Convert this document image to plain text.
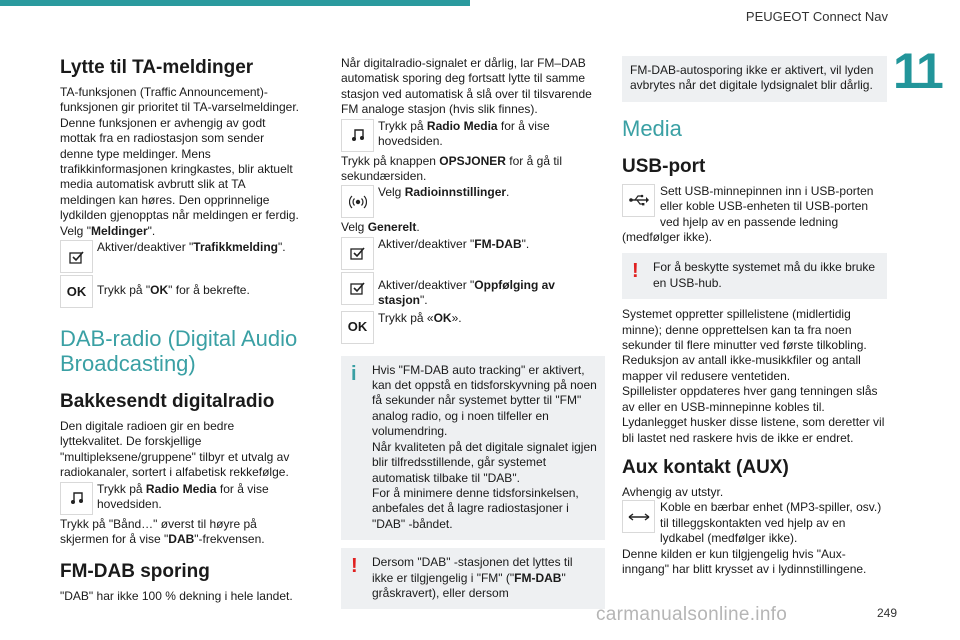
PEUGEOT Connect Nav
11
Lytte til TA-meldinger

TA-funksjonen (Traffic Announcement)-funksjonen gir prioritet til TA-varselmeldinger. Denne funksjonen er avhengig av godt mottak fra en radiostasjon som sender denne type meldinger. Mens trafikkinformasjonen kringkastes, blir aktuelt media automatisk avbrutt slik at TA meldingen kan høres. Den opprinnelige lydkilden gjenopptas når meldingen er ferdig.

Velg "Meldinger".

Aktiver/deaktiver "Trafikkmelding".
OK Trykk på "OK" for å bekrefte.
DAB-radio (Digital Audio Broadcasting)
Bakkesendt digitalradio

Den digitale radioen gir en bedre lyttekvalitet. De forskjellige "multipleksene/gruppene" tilbyr et utvalg av radiokanaler, sortert i alfabetisk rekkefølge.

Trykk på Radio Media for å vise hovedsiden.

Trykk på "Bånd…" øverst til høyre på skjermen for å vise "DAB"-frekvensen.

FM-DAB sporing

"DAB" har ikke 100 % dekning i hele landet.

Når digitalradio-signalet er dårlig, lar FM–DAB automatisk sporing deg fortsatt lytte til samme stasjon ved automatisk å slå over til tilsvarende FM analoge stasjon (hvis slik finnes).

Trykk på Radio Media for å vise hovedsiden.

Trykk på knappen OPSJONER for å gå til sekundærsiden.

Velg Radioinnstillinger.

Velg Generelt.

Aktiver/deaktiver "FM-DAB".
Aktiver/deaktiver "Oppfølging av stasjon".
OK
Trykk på «OK».
i Hvis "FM-DAB auto tracking" er aktivert, kan det oppstå en tidsforskyvning på noen få sekunder når systemet bytter til "FM" analog radio, og i noen tilfeller en volumendring.
Når kvaliteten på det digitale signalet igjen blir tilfredsstillende, går systemet automatisk tilbake til "DAB".
For å minimere denne tidsforsinkelsen, anbefales det å lagre radiostasjoner i "DAB" -båndet.
! Dersom "DAB" -stasjonen det lyttes til ikke er tilgjengelig i "FM" ("FM-DAB" gråskravert), eller dersom
FM-DAB-autosporing ikke er aktivert, vil lyden avbrytes når det digitale lydsignalet blir dårlig.
Media
USB-port
Sett USB-minnepinnen inn i USB-porten eller koble USB-enheten til USB-porten ved hjelp av en passende ledning (medfølger ikke).
! For å beskytte systemet må du ikke bruke en USB-hub.

Systemet oppretter spillelistene (midlertidig minne); denne opprettelsen kan ta fra noen sekunder til flere minutter ved første tilkobling.
Reduksjon av antall ikke-musikkfiler og antall mapper vil redusere ventetiden.
Spillelister oppdateres hver gang tenningen slås av eller en USB-minnepinne kobles til.
Lydanlegget husker disse listene, som deretter vil bli lastet ned raskere hvis de ikke er endret.

Aux kontakt (AUX)

Avhengig av utstyr.

Koble en bærbar enhet (MP3-spiller, osv.) til tilleggskontakten ved hjelp av en lydkabel (medfølger ikke).

Denne kilden er kun tilgjengelig hvis "Aux-inngang" har blitt krysset av i lydinnstillingene.

carmanualsonline.info	249
